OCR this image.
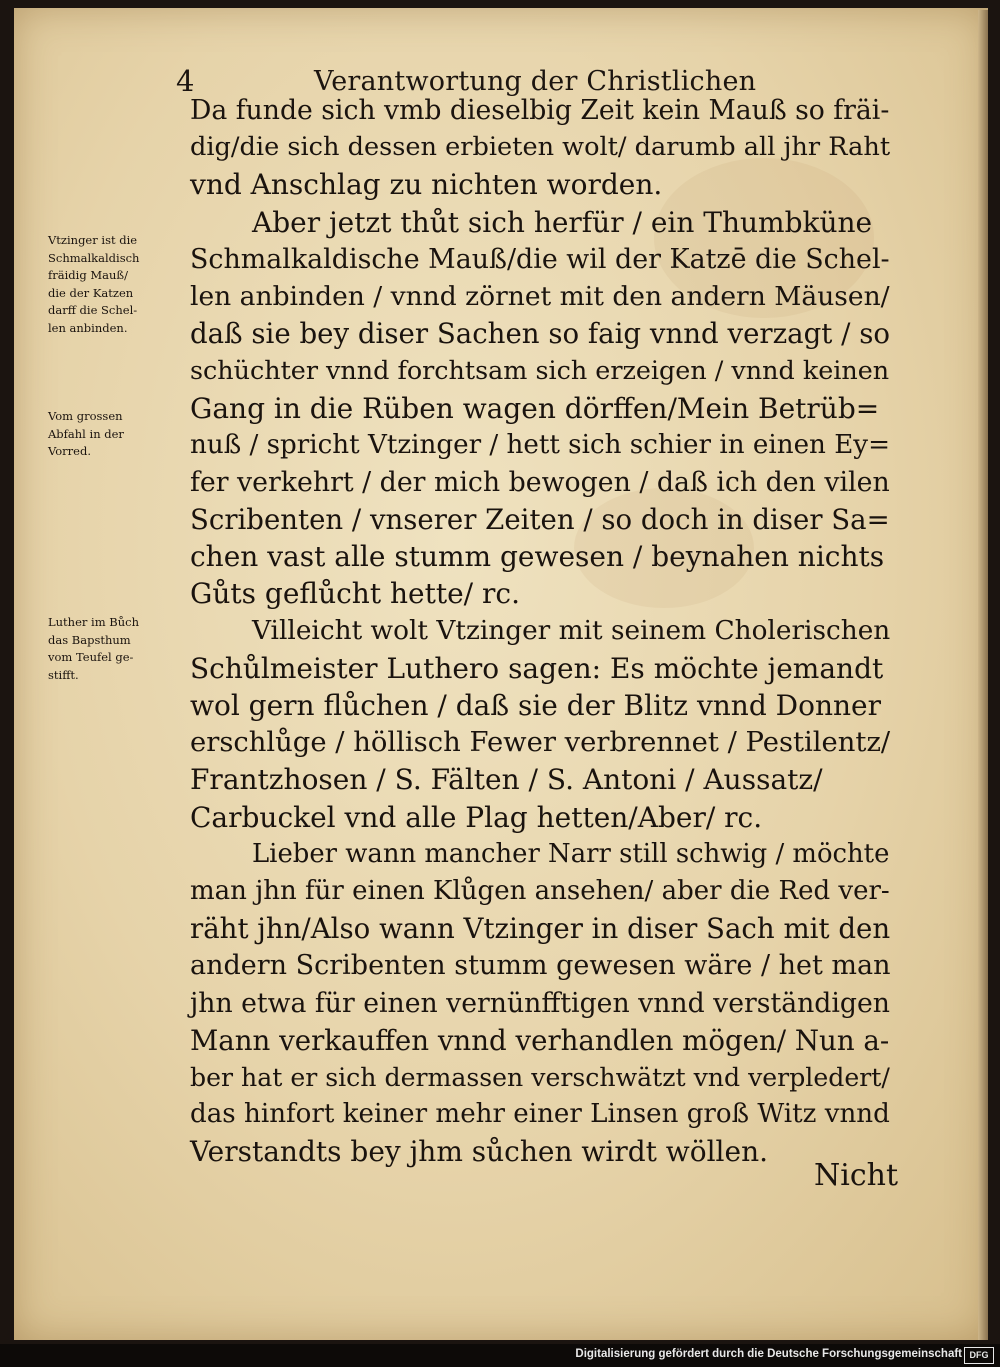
4	Verantwortung der Christlichen
Da funde sich vmb dieselbig Zeit kein Mauß so fräi-
dig/die sich dessen erbieten wolt/ darumb all jhr Raht
vnd Anschlag zu nichten worden.
Aber jetzt thůt sich herfür / ein Thumbküne
Schmalkaldische Mauß/die wil der Katzē die Schel-
len anbinden / vnnd zörnet mit den andern Mäusen/
daß sie bey diser Sachen so faig vnnd verzagt / so
schüchter vnnd forchtsam sich erzeigen / vnnd keinen
Gang in die Rüben wagen dörffen/Mein Betrüb=
nuß / spricht Vtzinger / hett sich schier in einen Ey=
fer verkehrt / der mich bewogen / daß ich den vilen
Scribenten / vnserer Zeiten / so doch in diser Sa=
chen vast alle stumm gewesen / beynahen nichts
Gůts geflůcht hette/ rc.
Villeicht wolt Vtzinger mit seinem Cholerischen
Schůlmeister Luthero sagen: Es möchte jemandt
wol gern flůchen / daß sie der Blitz vnnd Donner
erschlůge / höllisch Fewer verbrennet / Pestilentz/
Frantzhosen / S. Fälten / S. Antoni / Aussatz/
Carbuckel vnd alle Plag hetten/Aber/ rc.
Lieber wann mancher Narr still schwig / möchte
man jhn für einen Klůgen ansehen/ aber die Red ver-
räht jhn/Also wann Vtzinger in diser Sach mit den
andern Scribenten stumm gewesen wäre / het man
jhn etwa für einen vernünfftigen vnnd verständigen
Mann verkauffen vnnd verhandlen mögen/ Nun a-
ber hat er sich dermassen verschwätzt vnd verpledert/
das hinfort keiner mehr einer Linsen groß Witz vnnd
Verstandts bey jhm sůchen wirdt wöllen.
Vtzinger ist die
Schmalkaldisch
fräidig Mauß/
die der Katzen
darff die Schel-
len anbinden.
Vom grossen
Abfahl in der
Vorred.
Luther im Bůch
das Bapsthum
vom Teufel ge-
stifft.
Nicht
Digitalisierung gefördert durch die Deutsche Forschungsgemeinschaft DFG
